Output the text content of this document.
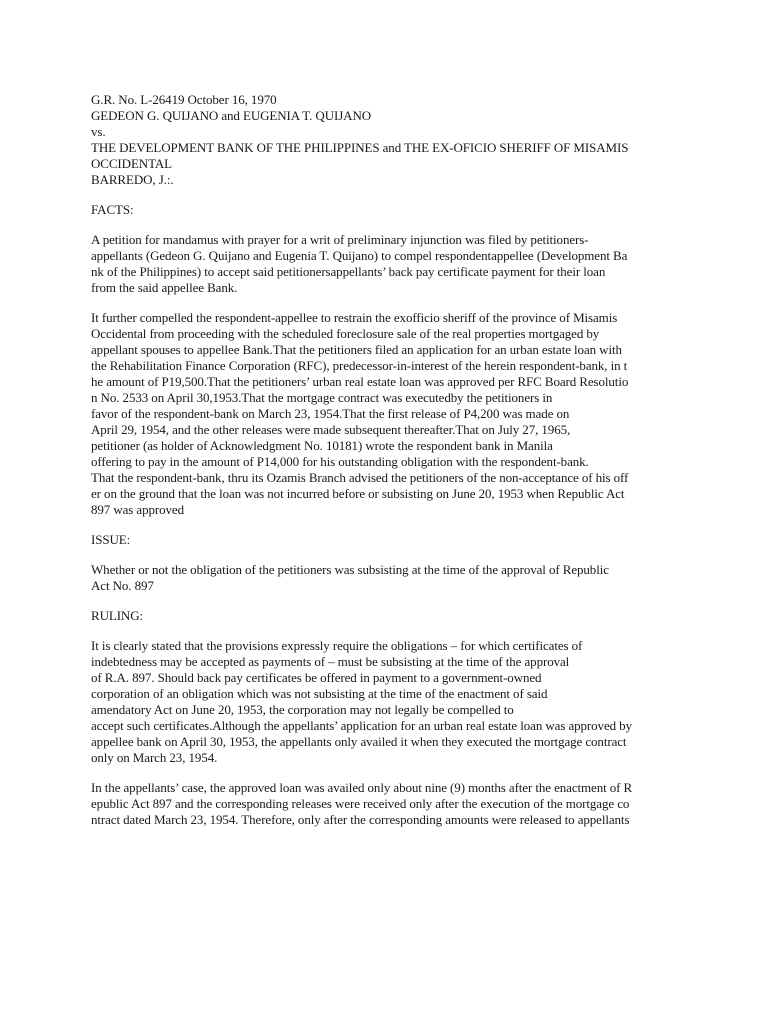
G.R. No. L-26419 October 16, 1970
GEDEON G. QUIJANO and EUGENIA T. QUIJANO
vs.
THE DEVELOPMENT BANK OF THE PHILIPPINES and THE EX-OFICIO SHERIFF OF MISAMIS OCCIDENTAL
BARREDO, J.:.
FACTS:
A petition for mandamus with prayer for a writ of preliminary injunction was filed by petitioners-
appellants (Gedeon G. Quijano and Eugenia T. Quijano) to compel respondentappellee (Development Ba
nk of the Philippines) to accept said petitionersappellants’ back pay certificate payment for their loan
from the said appellee Bank.
It further compelled the respondent-appellee to restrain the exofficio sheriff of the province of Misamis
Occidental from proceeding with the scheduled foreclosure sale of the real properties mortgaged by
appellant spouses to appellee Bank.That the petitioners filed an application for an urban estate loan with
the Rehabilitation Finance Corporation (RFC), predecessor-in-interest of the herein respondent-bank, in t
he amount of P19,500.That the petitioners’ urban real estate loan was approved per RFC Board Resolutio
n No. 2533 on April 30,1953.That the mortgage contract was executedby the petitioners in
favor of the respondent-bank on March 23, 1954.That the first release of P4,200 was made on
April 29, 1954, and the other releases were made subsequent thereafter.That on July 27, 1965,
petitioner (as holder of Acknowledgment No. 10181) wrote the respondent bank in Manila
offering to pay in the amount of P14,000 for his outstanding obligation with the respondent-bank.
That the respondent-bank, thru its Ozamis Branch advised the petitioners of the non-acceptance of his off
er on the ground that the loan was not incurred before or subsisting on June 20, 1953 when Republic Act
897 was approved
ISSUE:
Whether or not the obligation of the petitioners was subsisting at the time of the approval of Republic
Act No. 897
RULING:
It is clearly stated that the provisions expressly require the obligations – for which certificates of
indebtedness may be accepted as payments of – must be subsisting at the time of the approval
of R.A. 897. Should back pay certificates be offered in payment to a government-owned
corporation of an obligation which was not subsisting at the time of the enactment of said
amendatory Act on June 20, 1953, the corporation may not legally be compelled to
accept such certificates.Although the appellants’ application for an urban real estate loan was approved by
appellee bank on April 30, 1953, the appellants only availed it when they executed the mortgage contract
only on March 23, 1954.
In the appellants’ case, the approved loan was availed only about nine (9) months after the enactment of R
epublic Act 897 and the corresponding releases were received only after the execution of the mortgage co
ntract dated March 23, 1954. Therefore, only after the corresponding amounts were released to appellants
